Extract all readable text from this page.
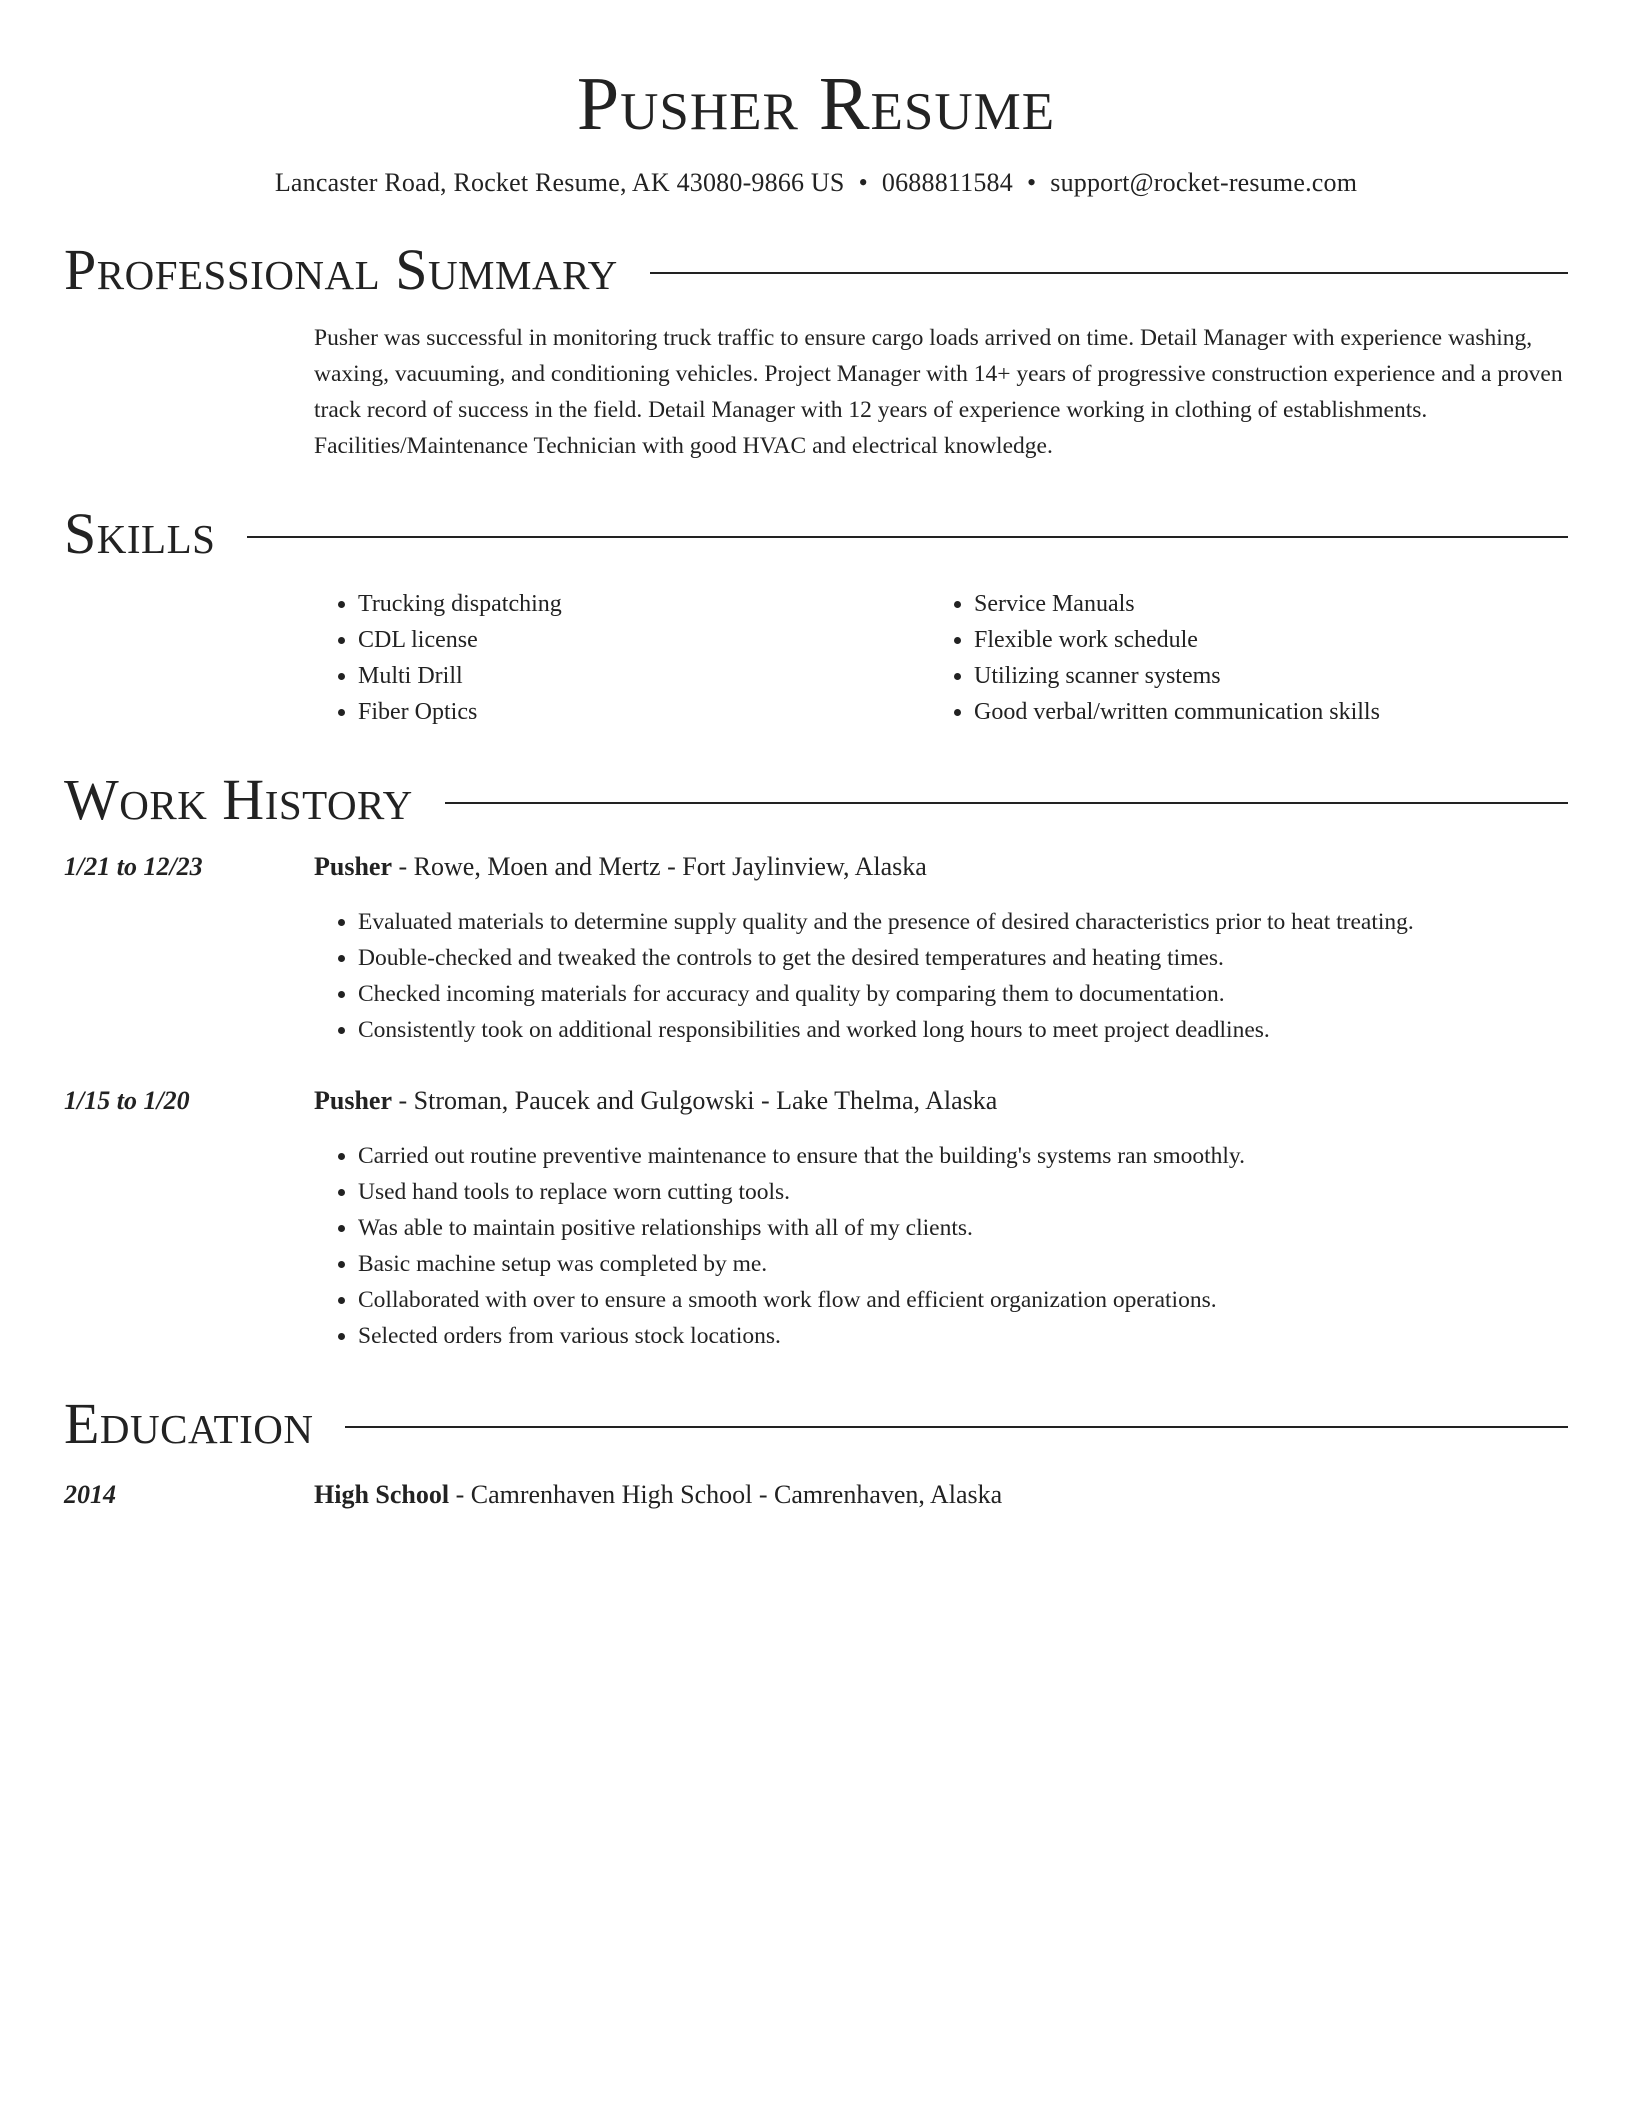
Pusher Resume
Lancaster Road, Rocket Resume, AK 43080-9866 US • 0688811584 • support@rocket-resume.com
Professional Summary
Pusher was successful in monitoring truck traffic to ensure cargo loads arrived on time. Detail Manager with experience washing, waxing, vacuuming, and conditioning vehicles. Project Manager with 14+ years of progressive construction experience and a proven track record of success in the field. Detail Manager with 12 years of experience working in clothing of establishments. Facilities/Maintenance Technician with good HVAC and electrical knowledge.
Skills
• Trucking dispatching
• CDL license
• Multi Drill
• Fiber Optics
• Service Manuals
• Flexible work schedule
• Utilizing scanner systems
• Good verbal/written communication skills
Work History
1/21 to 12/23	Pusher - Rowe, Moen and Mertz - Fort Jaylinview, Alaska
• Evaluated materials to determine supply quality and the presence of desired characteristics prior to heat treating.
• Double-checked and tweaked the controls to get the desired temperatures and heating times.
• Checked incoming materials for accuracy and quality by comparing them to documentation.
• Consistently took on additional responsibilities and worked long hours to meet project deadlines.
1/15 to 1/20	Pusher - Stroman, Paucek and Gulgowski - Lake Thelma, Alaska
• Carried out routine preventive maintenance to ensure that the building's systems ran smoothly.
• Used hand tools to replace worn cutting tools.
• Was able to maintain positive relationships with all of my clients.
• Basic machine setup was completed by me.
• Collaborated with over to ensure a smooth work flow and efficient organization operations.
• Selected orders from various stock locations.
Education
2014	High School - Camrenhaven High School - Camrenhaven, Alaska
